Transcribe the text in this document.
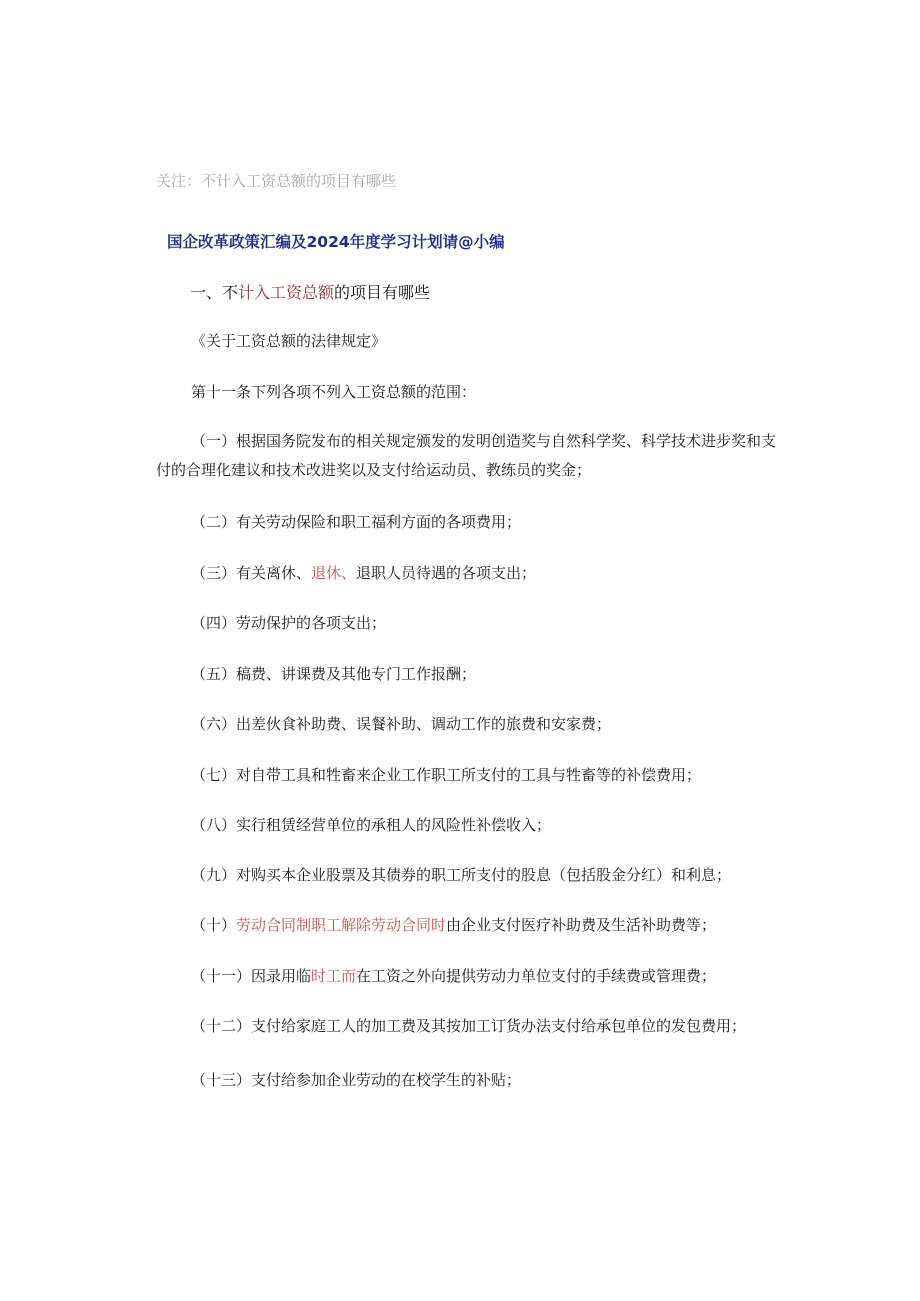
关注：不计入工资总额的项目有哪些
国企改革政策汇编及2024年度学习计划请@小编
一、不计入工资总额的项目有哪些
《关于工资总额的法律规定》
第十一条下列各项不列入工资总额的范围：
（一）根据国务院发布的相关规定颁发的发明创造奖与自然科学奖、科学技术进步奖和支付的合理化建议和技术改进奖以及支付给运动员、教练员的奖金；
（二）有关劳动保险和职工福利方面的各项费用；
（三）有关离休、退休、退职人员待遇的各项支出；
（四）劳动保护的各项支出；
（五）稿费、讲课费及其他专门工作报酬；
（六）出差伙食补助费、误餐补助、调动工作的旅费和安家费；
（七）对自带工具和牲畜来企业工作职工所支付的工具与牲畜等的补偿费用；
（八）实行租赁经营单位的承租人的风险性补偿收入；
（九）对购买本企业股票及其债券的职工所支付的股息（包括股金分红）和利息；
（十）劳动合同制职工解除劳动合同时由企业支付医疗补助费及生活补助费等；
（十一）因录用临时工而在工资之外向提供劳动力单位支付的手续费或管理费；
（十二）支付给家庭工人的加工费及其按加工订货办法支付给承包单位的发包费用；
（十三）支付给参加企业劳动的在校学生的补贴；
